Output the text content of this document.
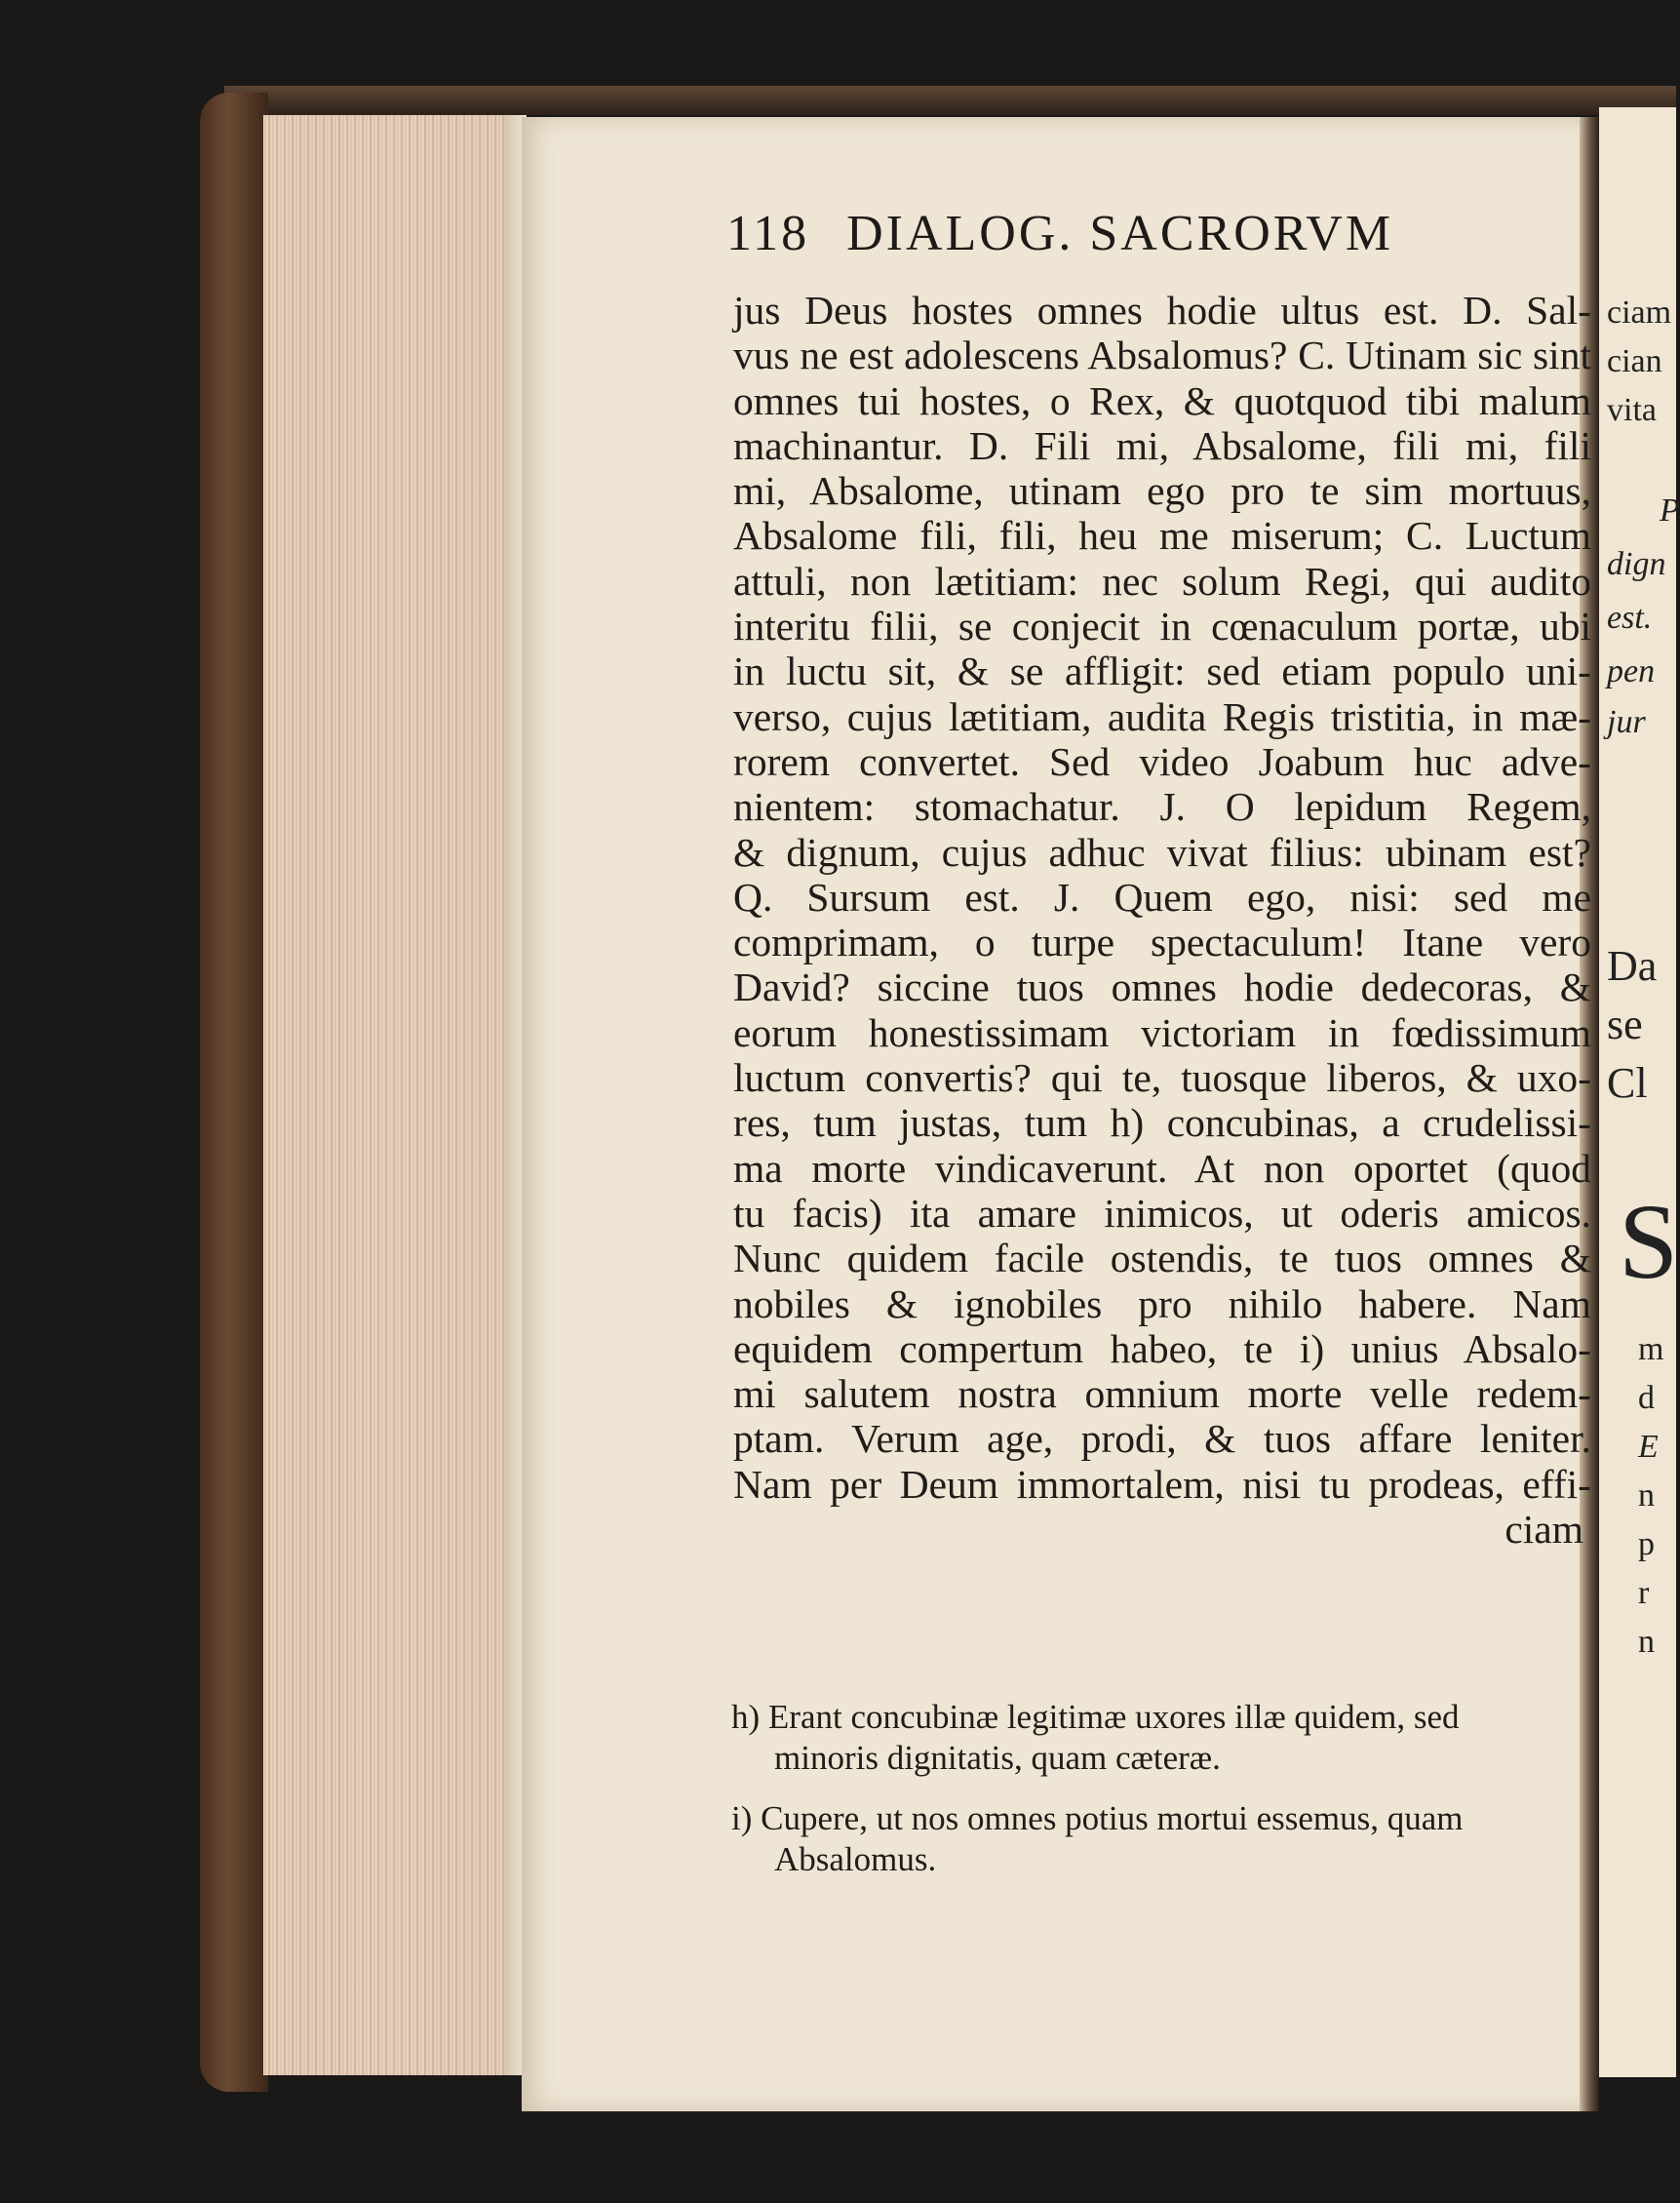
ciam
cian
vita
P
dign
est.
pen
jur
Da
se
Cl
S
m
d
E
n
p
r
n
118 DIALOG. SACRORVM
jus Deus hostes omnes hodie ultus est. D. Sal-
vus ne est adolescens Absalomus? C. Utinam sic sint
omnes tui hostes, o Rex, & quotquod tibi malum
machinantur. D. Fili mi, Absalome, fili mi, fili
mi, Absalome, utinam ego pro te sim mortuus,
Absalome fili, fili, heu me miserum; C. Luctum
attuli, non lætitiam: nec solum Regi, qui audito
interitu filii, se conjecit in cœnaculum portæ, ubi
in luctu sit, & se affligit: sed etiam populo uni-
verso, cujus lætitiam, audita Regis tristitia, in mæ-
rorem convertet. Sed video Joabum huc adve-
nientem: stomachatur. J. O lepidum Regem,
& dignum, cujus adhuc vivat filius: ubinam est?
Q. Sursum est. J. Quem ego, nisi: sed me
comprimam, o turpe spectaculum! Itane vero
David? siccine tuos omnes hodie dedecoras, &
eorum honestissimam victoriam in fœdissimum
luctum convertis? qui te, tuosque liberos, & uxo-
res, tum justas, tum h) concubinas, a crudelissi-
ma morte vindicaverunt. At non oportet (quod
tu facis) ita amare inimicos, ut oderis amicos.
Nunc quidem facile ostendis, te tuos omnes &
nobiles & ignobiles pro nihilo habere. Nam
equidem compertum habeo, te i) unius Absalo-
mi salutem nostra omnium morte velle redem-
ptam. Verum age, prodi, & tuos affare leniter.
Nam per Deum immortalem, nisi tu prodeas, effi-
ciam
h) Erant concubinæ legitimæ uxores illæ quidem, sed
minoris dignitatis, quam cæteræ.
i) Cupere, ut nos omnes potius mortui essemus, quam
Absalomus.
